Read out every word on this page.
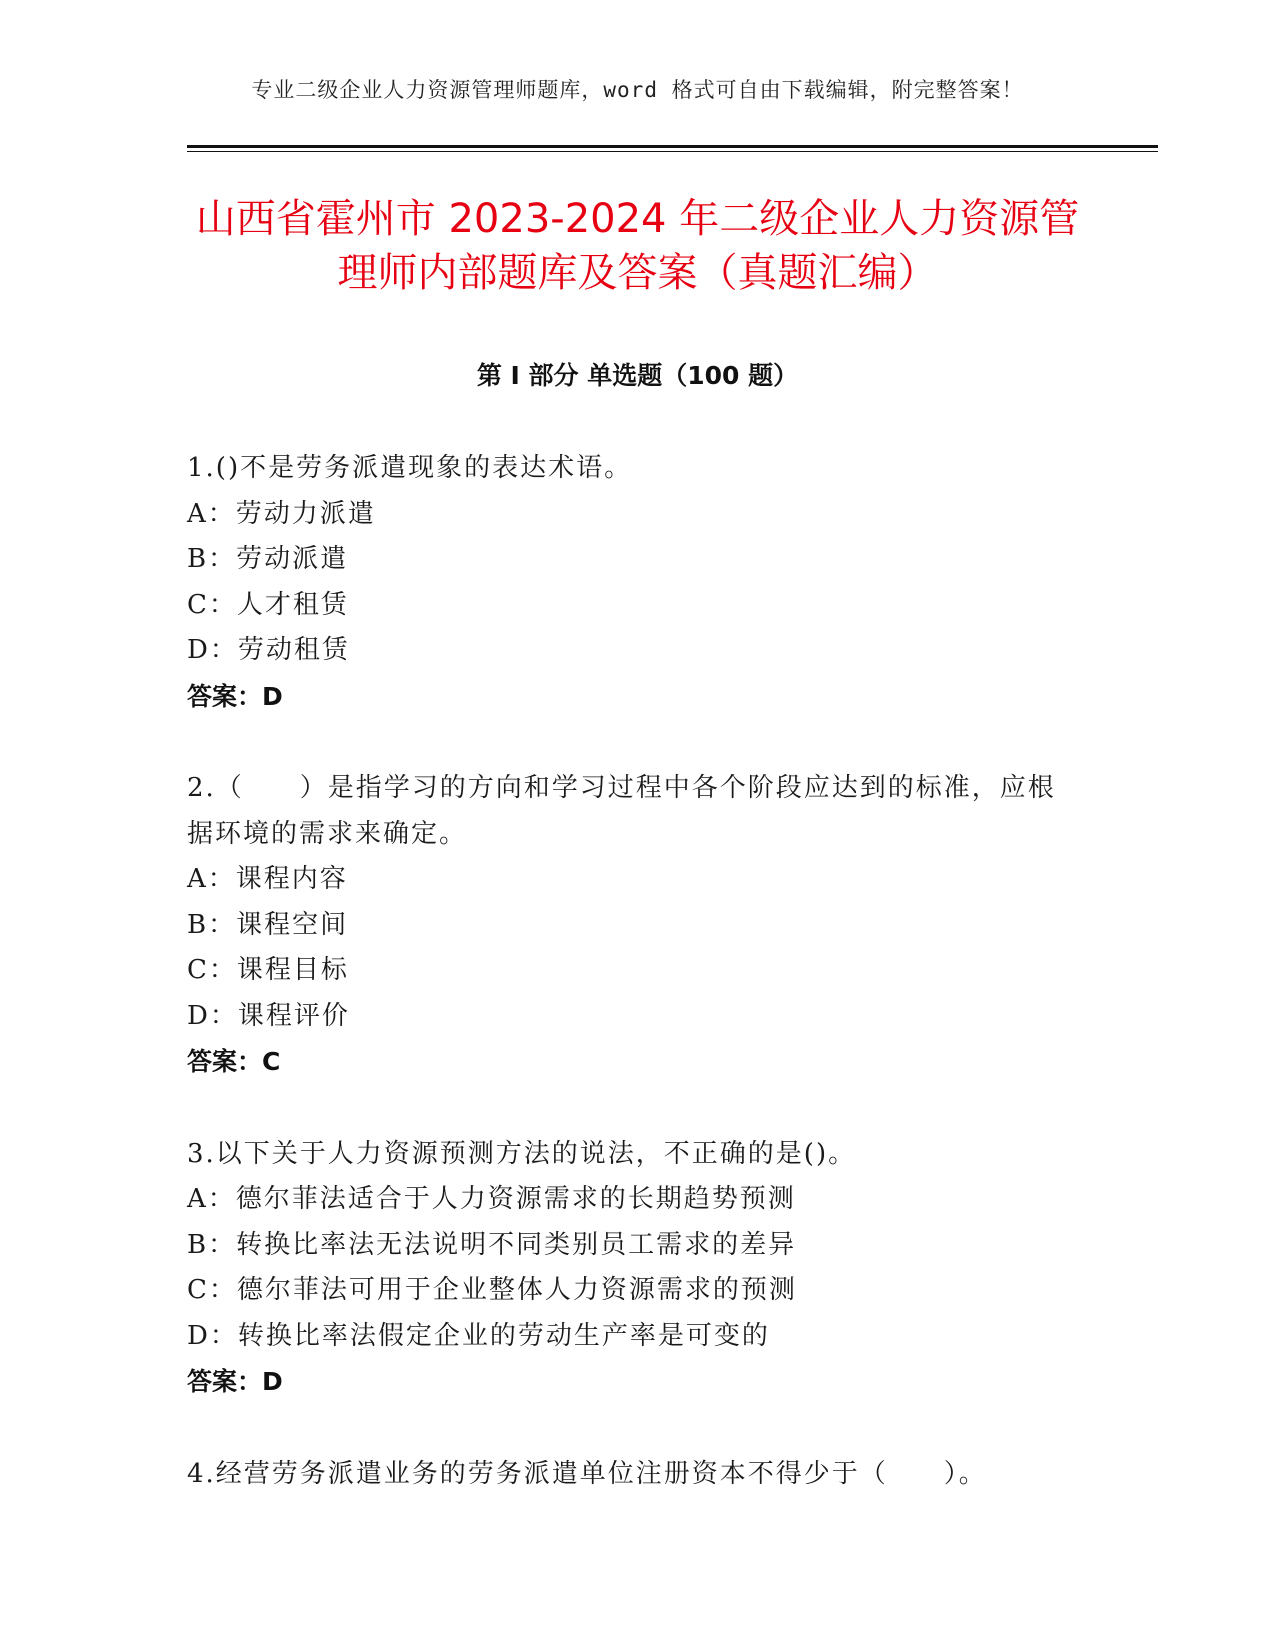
专业二级企业人力资源管理师题库，word 格式可自由下载编辑，附完整答案！
山西省霍州市 2023-2024 年二级企业人力资源管理师内部题库及答案（真题汇编）
第 I 部分 单选题（100 题）
1.()不是劳务派遣现象的表达术语。
A：劳动力派遣
B：劳动派遣
C：人才租赁
D：劳动租赁
答案：D
2.（　　）是指学习的方向和学习过程中各个阶段应达到的标准，应根据环境的需求来确定。
A：课程内容
B：课程空间
C：课程目标
D：课程评价
答案：C
3.以下关于人力资源预测方法的说法，不正确的是()。
A：德尔菲法适合于人力资源需求的长期趋势预测
B：转换比率法无法说明不同类别员工需求的差异
C：德尔菲法可用于企业整体人力资源需求的预测
D：转换比率法假定企业的劳动生产率是可变的
答案：D
4.经营劳务派遣业务的劳务派遣单位注册资本不得少于（　　）。
